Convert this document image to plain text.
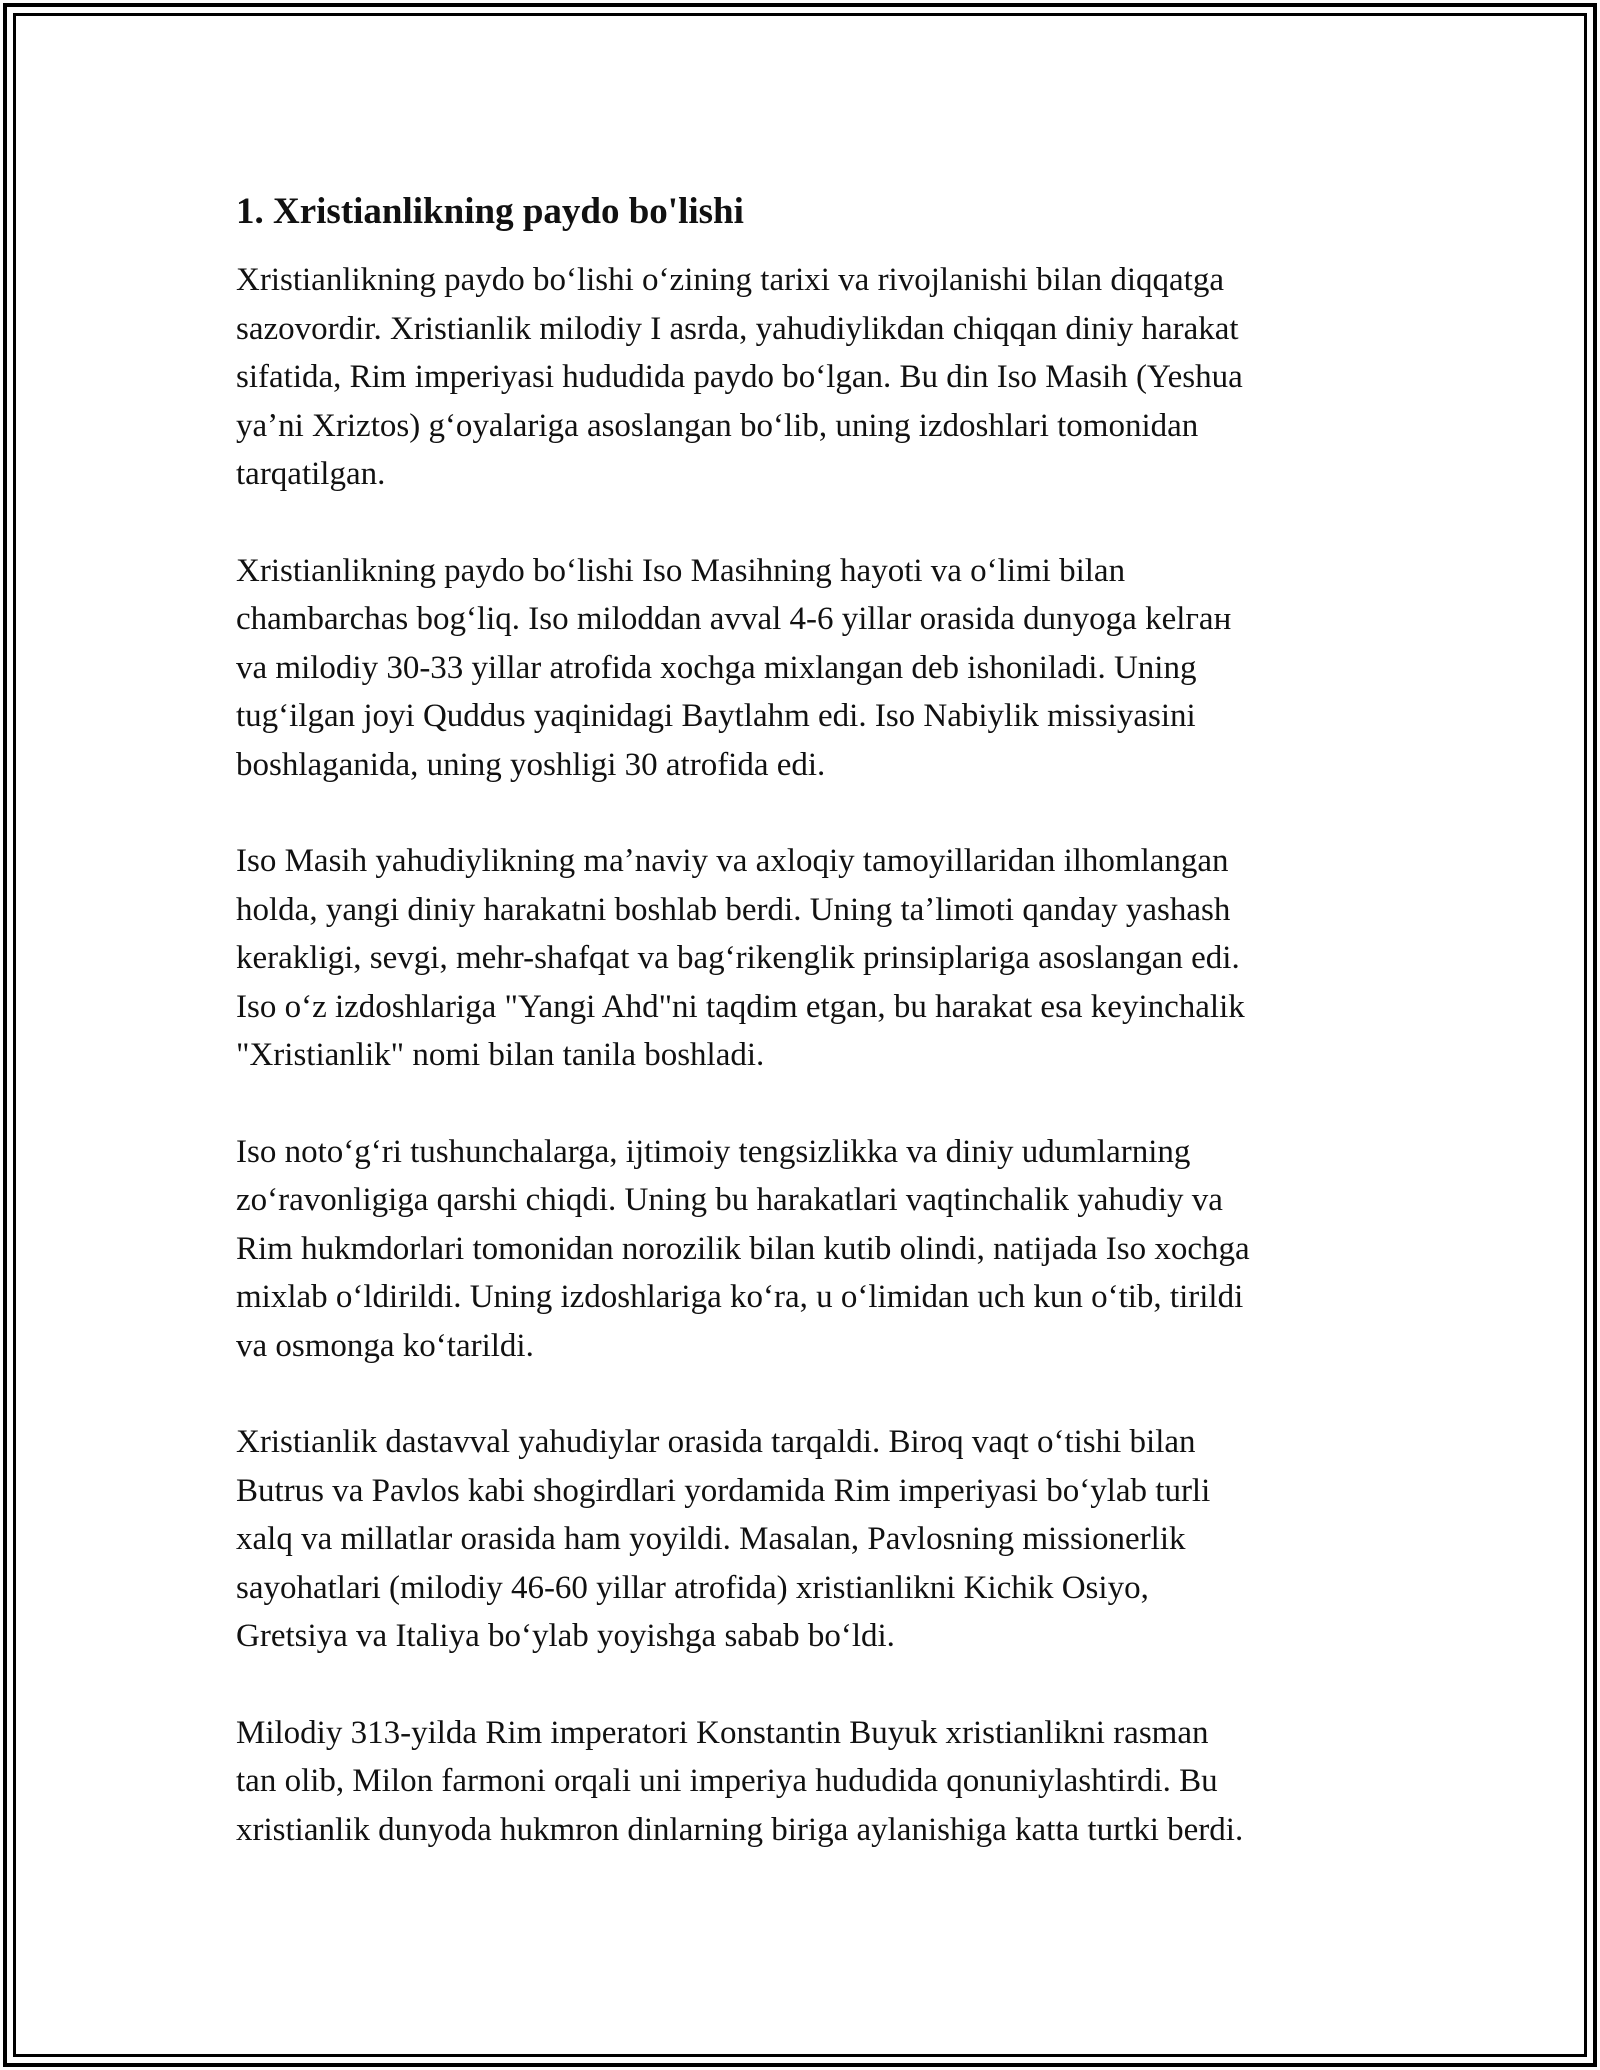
1. Xristianlikning paydo bo'lishi
Xristianlikning paydo boʻlishi oʻzining tarixi va rivojlanishi bilan diqqatga
sazovordir. Xristianlik milodiy I asrda, yahudiylikdan chiqqan diniy harakat
sifatida, Rim imperiyasi hududida paydo boʻlgan. Bu din Iso Masih (Yeshua
yaʼni Xriztos) gʻoyalariga asoslangan boʻlib, uning izdoshlari tomonidan
tarqatilgan.
Xristianlikning paydo boʻlishi Iso Masihning hayoti va oʻlimi bilan
chambarchas bogʻliq. Iso miloddan avval 4-6 yillar orasida dunyoga kelган
va milodiy 30-33 yillar atrofida xochga mixlangan deb ishoniladi. Uning
tugʻilgan joyi Quddus yaqinidagi Baytlahm edi. Iso Nabiylik missiyasini
boshlaganida, uning yoshligi 30 atrofida edi.
Iso Masih yahudiylikning maʼnaviy va axloqiy tamoyillaridan ilhomlangan
holda, yangi diniy harakatni boshlab berdi. Uning taʼlimoti qanday yashash
kerakligi, sevgi, mehr-shafqat va bagʻrikenglik prinsiplariga asoslangan edi.
Iso oʻz izdoshlariga "Yangi Ahd"ni taqdim etgan, bu harakat esa keyinchalik
"Xristianlik" nomi bilan tanila boshladi.
Iso notoʻgʻri tushunchalarga, ijtimoiy tengsizlikka va diniy udumlarning
zoʻravonligiga qarshi chiqdi. Uning bu harakatlari vaqtinchalik yahudiy va
Rim hukmdorlari tomonidan norozilik bilan kutib olindi, natijada Iso xochga
mixlab oʻldirildi. Uning izdoshlariga koʻra, u oʻlimidan uch kun oʻtib, tirildi
va osmonga koʻtarildi.
Xristianlik dastavval yahudiylar orasida tarqaldi. Biroq vaqt oʻtishi bilan
Butrus va Pavlos kabi shogirdlari yordamida Rim imperiyasi boʻylab turli
xalq va millatlar orasida ham yoyildi. Masalan, Pavlosning missionerlik
sayohatlari (milodiy 46-60 yillar atrofida) xristianlikni Kichik Osiyo,
Gretsiya va Italiya boʻylab yoyishga sabab boʻldi.
Milodiy 313-yilda Rim imperatori Konstantin Buyuk xristianlikni rasman
tan olib, Milon farmoni orqali uni imperiya hududida qonuniylashtirdi. Bu
xristianlik dunyoda hukmron dinlarning biriga aylanishiga katta turtki berdi.
